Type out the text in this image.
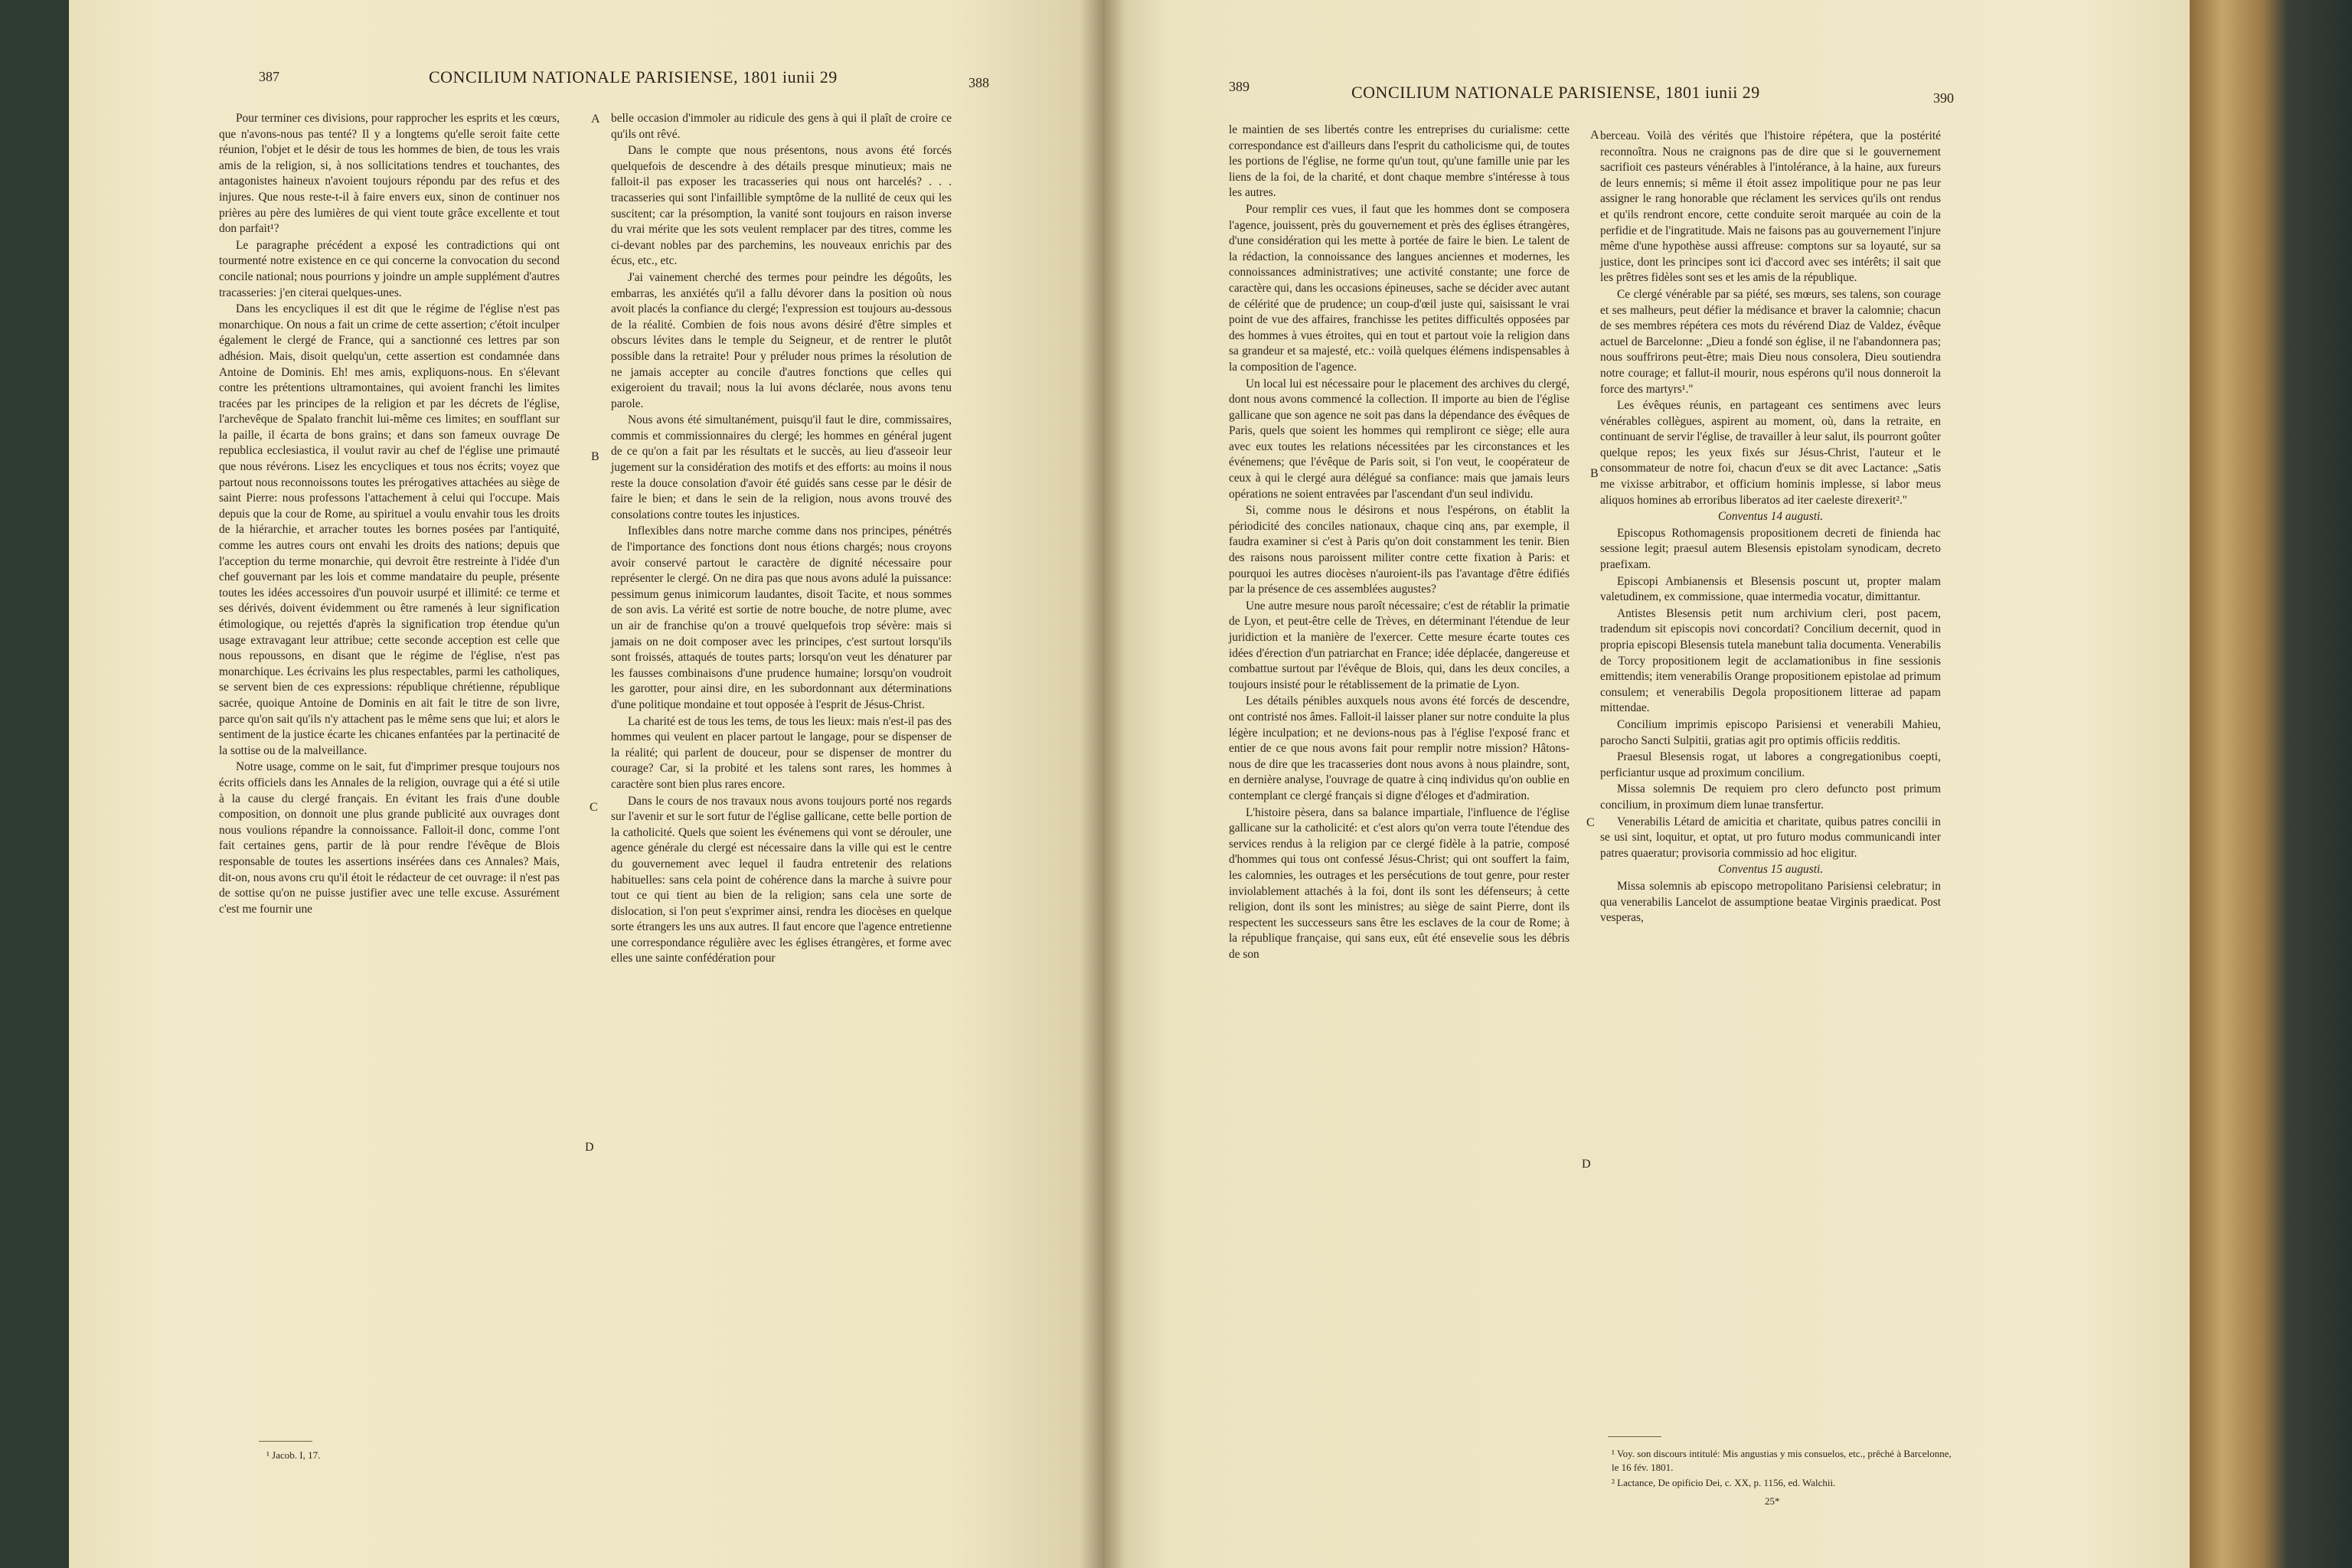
387	CONCILIUM NATIONALE PARISIENSE, 1801 iunii 29	388

Pour terminer ces divisions, pour rapprocher les esprits et les cœurs, que n'avons-nous pas tenté? Il y a longtems qu'elle seroit faite cette réunion, l'objet et le désir de tous les hommes de bien, de tous les vrais amis de la religion, si, à nos sollicitations tendres et touchantes, des antagonistes haineux n'avoient toujours répondu par des refus et des injures. Que nous reste-t-il à faire envers eux, sinon de continuer nos prières au père des lumières de qui vient toute grâce excellente et tout don parfait¹?

Le paragraphe précédent a exposé les contradictions qui ont tourmenté notre existence en ce qui concerne la convocation du second concile national; nous pourrions y joindre un ample supplément d'autres tracasseries: j'en citerai quelques-unes.

Dans les encycliques il est dit que le régime de l'église n'est pas monarchique. On nous a fait un crime de cette assertion; c'étoit inculper également le clergé de France, qui a sanctionné ces lettres par son adhésion. Mais, disoit quelqu'un, cette assertion est condamnée dans Antoine de Dominis. Eh! mes amis, expliquons-nous. En s'élevant contre les prétentions ultramontaines, qui avoient franchi les limites tracées par les principes de la religion et par les décrets de l'église, l'archevêque de Spalato franchit lui-même ces limites; en soufflant sur la paille, il écarta de bons grains; et dans son fameux ouvrage De republica ecclesiastica, il voulut ravir au chef de l'église une primauté que nous révérons. Lisez les encycliques et tous nos écrits; voyez que partout nous reconnoissons toutes les prérogatives attachées au siège de saint Pierre: nous professons l'attachement à celui qui l'occupe. Mais depuis que la cour de Rome, au spirituel a voulu envahir tous les droits de la hiérarchie, et arracher toutes les bornes posées par l'antiquité, comme les autres cours ont envahi les droits des nations; depuis que l'acception du terme monarchie, qui devroit être restreinte à l'idée d'un chef gouvernant par les lois et comme mandataire du peuple, présente toutes les idées accessoires d'un pouvoir usurpé et illimité: ce terme et ses dérivés, doivent évidemment ou être ramenés à leur signification étimologique, ou rejettés d'après la signification trop étendue qu'un usage extravagant leur attribue; cette seconde acception est celle que nous repoussons, en disant que le régime de l'église, n'est pas monarchique. Les écrivains les plus respectables, parmi les catholiques, se servent bien de ces expressions: république chrétienne, république sacrée, quoique Antoine de Dominis en ait fait le titre de son livre, parce qu'on sait qu'ils n'y attachent pas le même sens que lui; et alors le sentiment de la justice écarte les chicanes enfantées par la pertinacité de la sottise ou de la malveillance.

Notre usage, comme on le sait, fut d'imprimer presque toujours nos écrits officiels dans les Annales de la religion, ouvrage qui a été si utile à la cause du clergé français. En évitant les frais d'une double composition, on donnoit une plus grande publicité aux ouvrages dont nous voulions répandre la connoissance. Falloit-il donc, comme l'ont fait certaines gens, partir de là pour rendre l'évêque de Blois responsable de toutes les assertions insérées dans ces Annales? Mais, dit-on, nous avons cru qu'il étoit le rédacteur de cet ouvrage: il n'est pas de sottise qu'on ne puisse justifier avec une telle excuse. Assurément c'est me fournir une

belle occasion d'immoler au ridicule des gens à qui il plaît de croire ce qu'ils ont rêvé.

Dans le compte que nous présentons, nous avons été forcés quelquefois de descendre à des détails presque minutieux; mais ne falloit-il pas exposer les tracasseries qui nous ont harcelés? . . . tracasseries qui sont l'infaillible symptôme de la nullité de ceux qui les suscitent; car la présomption, la vanité sont toujours en raison inverse du vrai mérite que les sots veulent remplacer par des titres, comme les ci-devant nobles par des parchemins, les nouveaux enrichis par des écus, etc., etc.

J'ai vainement cherché des termes pour peindre les dégoûts, les embarras, les anxiétés qu'il a fallu dévorer dans la position où nous avoit placés la confiance du clergé; l'expression est toujours au-dessous de la réalité. Combien de fois nous avons désiré d'être simples et obscurs lévites dans le temple du Seigneur, et de rentrer le plutôt possible dans la retraite! Pour y préluder nous primes la résolution de ne jamais accepter au concile d'autres fonctions que celles qui exigeroient du travail; nous la lui avons déclarée, nous avons tenu parole.

Nous avons été simultanément, puisqu'il faut le dire, commissaires, commis et commissionnaires du clergé; les hommes en général jugent de ce qu'on a fait par les résultats et le succès, au lieu d'asseoir leur jugement sur la considération des motifs et des efforts: au moins il nous reste la douce consolation d'avoir été guidés sans cesse par le désir de faire le bien; et dans le sein de la religion, nous avons trouvé des consolations contre toutes les injustices.

Inflexibles dans notre marche comme dans nos principes, pénétrés de l'importance des fonctions dont nous étions chargés; nous croyons avoir conservé partout le caractère de dignité nécessaire pour représenter le clergé. On ne dira pas que nous avons adulé la puissance: pessimum genus inimicorum laudantes, disoit Tacite, et nous sommes de son avis. La vérité est sortie de notre bouche, de notre plume, avec un air de franchise qu'on a trouvé quelquefois trop sévère: mais si jamais on ne doit composer avec les principes, c'est surtout lorsqu'ils sont froissés, attaqués de toutes parts; lorsqu'on veut les dénaturer par les fausses combinaisons d'une prudence humaine; lorsqu'on voudroit les garotter, pour ainsi dire, en les subordonnant aux déterminations d'une politique mondaine et tout opposée à l'esprit de Jésus-Christ.

La charité est de tous les tems, de tous les lieux: mais n'est-il pas des hommes qui veulent en placer partout le langage, pour se dispenser de la réalité; qui parlent de douceur, pour se dispenser de montrer du courage? Car, si la probité et les talens sont rares, les hommes à caractère sont bien plus rares encore.

Dans le cours de nos travaux nous avons toujours porté nos regards sur l'avenir et sur le sort futur de l'église gallicane, cette belle portion de la catholicité. Quels que soient les événemens qui vont se dérouler, une agence générale du clergé est nécessaire dans la ville qui est le centre du gouvernement avec lequel il faudra entretenir des relations habituelles: sans cela point de cohérence dans la marche à suivre pour tout ce qui tient au bien de la religion; sans cela une sorte de dislocation, si l'on peut s'exprimer ainsi, rendra les diocèses en quelque sorte étrangers les uns aux autres. Il faut encore que l'agence entretienne une correspondance régulière avec les églises étrangères, et forme avec elles une sainte confédération pour

A
B
C
D
¹ Jacob. I, 17.
389	CONCILIUM NATIONALE PARISIENSE, 1801 iunii 29	390

le maintien de ses libertés contre les entreprises du curialisme: cette correspondance est d'ailleurs dans l'esprit du catholicisme qui, de toutes les portions de l'église, ne forme qu'un tout, qu'une famille unie par les liens de la foi, de la charité, et dont chaque membre s'intéresse à tous les autres.

Pour remplir ces vues, il faut que les hommes dont se composera l'agence, jouissent, près du gouvernement et près des églises étrangères, d'une considération qui les mette à portée de faire le bien. Le talent de la rédaction, la connoissance des langues anciennes et modernes, les connoissances administratives; une activité constante; une force de caractère qui, dans les occasions épineuses, sache se décider avec autant de célérité que de prudence; un coup-d'œil juste qui, saisissant le vrai point de vue des affaires, franchisse les petites difficultés opposées par des hommes à vues étroites, qui en tout et partout voie la religion dans sa grandeur et sa majesté, etc.: voilà quelques élémens indispensables à la composition de l'agence.

Un local lui est nécessaire pour le placement des archives du clergé, dont nous avons commencé la collection. Il importe au bien de l'église gallicane que son agence ne soit pas dans la dépendance des évêques de Paris, quels que soient les hommes qui rempliront ce siège; elle aura avec eux toutes les relations nécessitées par les circonstances et les événemens; que l'évêque de Paris soit, si l'on veut, le coopérateur de ceux à qui le clergé aura délégué sa confiance: mais que jamais leurs opérations ne soient entravées par l'ascendant d'un seul individu.

Si, comme nous le désirons et nous l'espérons, on établit la périodicité des conciles nationaux, chaque cinq ans, par exemple, il faudra examiner si c'est à Paris qu'on doit constamment les tenir. Bien des raisons nous paroissent militer contre cette fixation à Paris: et pourquoi les autres diocèses n'auroient-ils pas l'avantage d'être édifiés par la présence de ces assemblées augustes?

Une autre mesure nous paroît nécessaire; c'est de rétablir la primatie de Lyon, et peut-être celle de Trèves, en déterminant l'étendue de leur juridiction et la manière de l'exercer. Cette mesure écarte toutes ces idées d'érection d'un patriarchat en France; idée déplacée, dangereuse et combattue surtout par l'évêque de Blois, qui, dans les deux conciles, a toujours insisté pour le rétablissement de la primatie de Lyon.

Les détails pénibles auxquels nous avons été forcés de descendre, ont contristé nos âmes. Falloit-il laisser planer sur notre conduite la plus légère inculpation; et ne devions-nous pas à l'église l'exposé franc et entier de ce que nous avons fait pour remplir notre mission? Hâtons-nous de dire que les tracasseries dont nous avons à nous plaindre, sont, en dernière analyse, l'ouvrage de quatre à cinq individus qu'on oublie en contemplant ce clergé français si digne d'éloges et d'admiration.

L'histoire pèsera, dans sa balance impartiale, l'influence de l'église gallicane sur la catholicité: et c'est alors qu'on verra toute l'étendue des services rendus à la religion par ce clergé fidèle à la patrie, composé d'hommes qui tous ont confessé Jésus-Christ; qui ont souffert la faim, les calomnies, les outrages et les persécutions de tout genre, pour rester inviolablement attachés à la foi, dont ils sont les défenseurs; à cette religion, dont ils sont les ministres; au siège de saint Pierre, dont ils respectent les successeurs sans être les esclaves de la cour de Rome; à la république française, qui sans eux, eût été ensevelie sous les débris de son

berceau. Voilà des vérités que l'histoire répétera, que la postérité reconnoîtra. Nous ne craignons pas de dire que si le gouvernement sacrifioit ces pasteurs vénérables à l'intolérance, à la haine, aux fureurs de leurs ennemis; si même il étoit assez impolitique pour ne pas leur assigner le rang honorable que réclament les services qu'ils ont rendus et qu'ils rendront encore, cette conduite seroit marquée au coin de la perfidie et de l'ingratitude. Mais ne faisons pas au gouvernement l'injure même d'une hypothèse aussi affreuse: comptons sur sa loyauté, sur sa justice, dont les principes sont ici d'accord avec ses intérêts; il sait que les prêtres fidèles sont ses et les amis de la république.

Ce clergé vénérable par sa piété, ses mœurs, ses talens, son courage et ses malheurs, peut défier la médisance et braver la calomnie; chacun de ses membres répétera ces mots du révérend Diaz de Valdez, évêque actuel de Barcelonne: „Dieu a fondé son église, il ne l'abandonnera pas; nous souffrirons peut-être; mais Dieu nous consolera, Dieu soutiendra notre courage; et fallut-il mourir, nous espérons qu'il nous donneroit la force des martyrs¹."

Les évêques réunis, en partageant ces sentimens avec leurs vénérables collègues, aspirent au moment, où, dans la retraite, en continuant de servir l'église, de travailler à leur salut, ils pourront goûter quelque repos; les yeux fixés sur Jésus-Christ, l'auteur et le consommateur de notre foi, chacun d'eux se dit avec Lactance: „Satis me vixisse arbitrabor, et officium hominis implesse, si labor meus aliquos homines ab erroribus liberatos ad iter caeleste direxerit²."

Conventus 14 augusti.

Episcopus Rothomagensis propositionem decreti de finienda hac sessione legit; praesul autem Blesensis epistolam synodicam, decreto praefixam.

Episcopi Ambianensis et Blesensis poscunt ut, propter malam valetudinem, ex commissione, quae intermedia vocatur, dimittantur.

Antistes Blesensis petit num archivium cleri, post pacem, tradendum sit episcopis novi concordati? Concilium decernit, quod in propria episcopi Blesensis tutela manebunt talia documenta. Venerabilis de Torcy propositionem legit de acclamationibus in fine sessionis emittendis; item venerabilis Orange propositionem epistolae ad primum consulem; et venerabilis Degola propositionem litterae ad papam mittendae.

Concilium imprimis episcopo Parisiensi et venerabili Mahieu, parocho Sancti Sulpitii, gratias agit pro optimis officiis redditis.

Praesul Blesensis rogat, ut labores a congregationibus coepti, perficiantur usque ad proximum concilium.

Missa solemnis De requiem pro clero defuncto post primum concilium, in proximum diem lunae transfertur.

Venerabilis Létard de amicitia et charitate, quibus patres concilii in se usi sint, loquitur, et optat, ut pro futuro modus communicandi inter patres quaeratur; provisoria commissio ad hoc eligitur.

Conventus 15 augusti.

Missa solemnis ab episcopo metropolitano Parisiensi celebratur; in qua venerabilis Lancelot de assumptione beatae Virginis praedicat. Post vesperas,

A
B
C
D
¹ Voy. son discours intitulé: Mis angustias y mis consuelos, etc., prêché à Barcelonne, le 16 fév. 1801.
² Lactance, De opificio Dei, c. XX, p. 1156, ed. Walchii.
25*
